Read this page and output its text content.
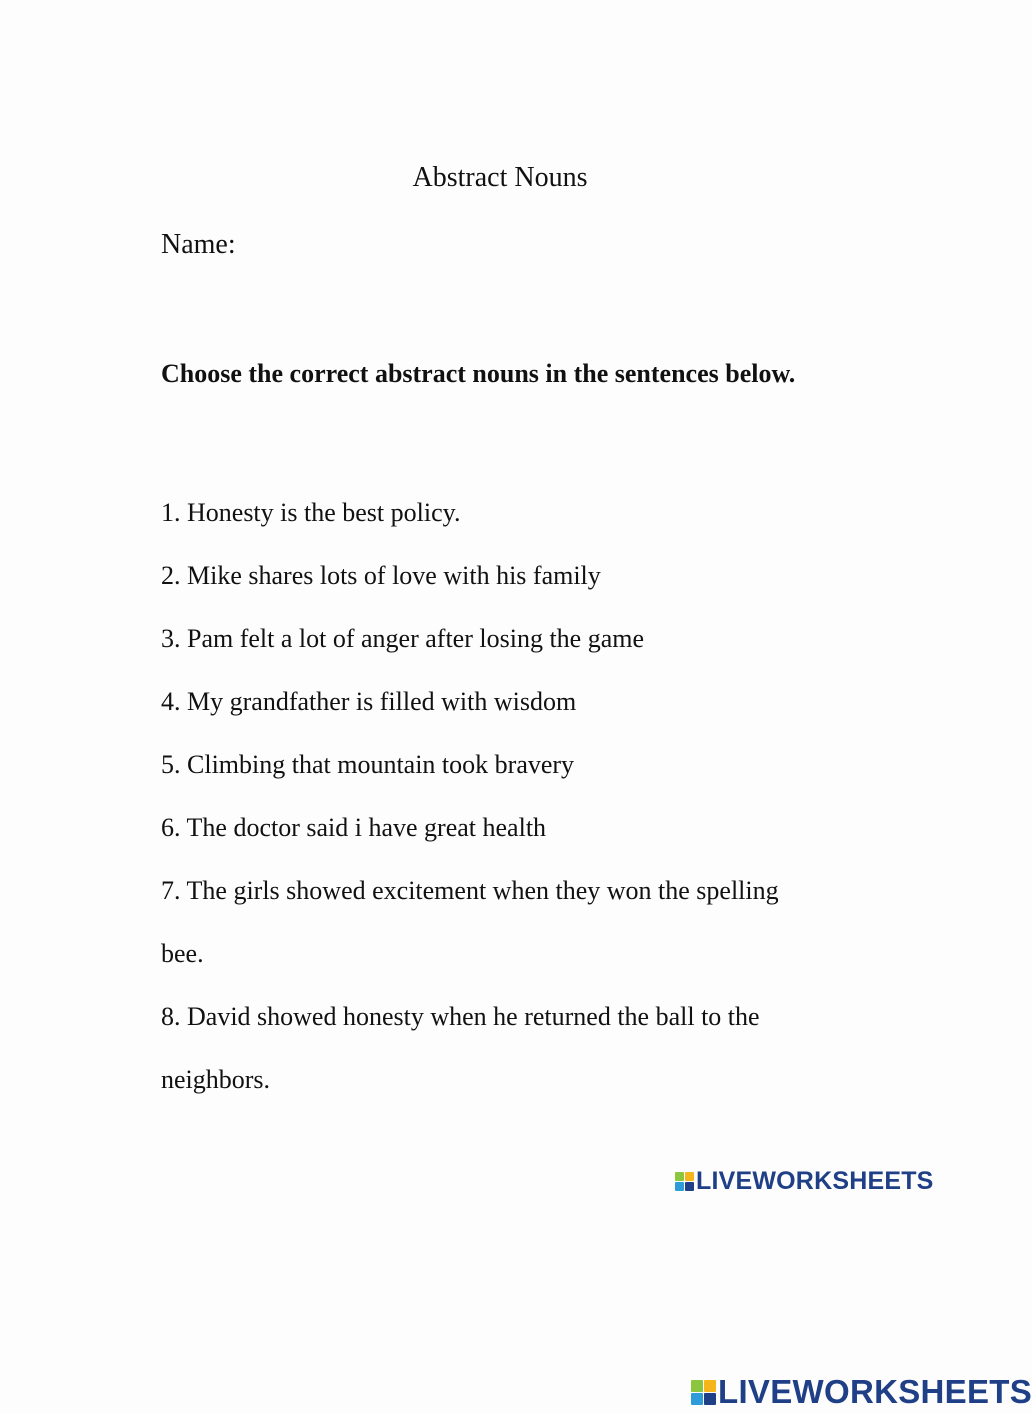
Abstract Nouns
Name:
Choose the correct abstract nouns in the sentences below.
1. Honesty is the best policy.
2. Mike shares lots of love with his family
3. Pam felt a lot of anger after losing the game
4. My grandfather is filled with wisdom
5. Climbing that mountain took bravery
6. The doctor said i have great health
7. The girls showed excitement when they won the spelling
bee.
8. David showed honesty when he returned the ball to the
neighbors.
LIVEWORKSHEETS
LIVEWORKSHEETS
